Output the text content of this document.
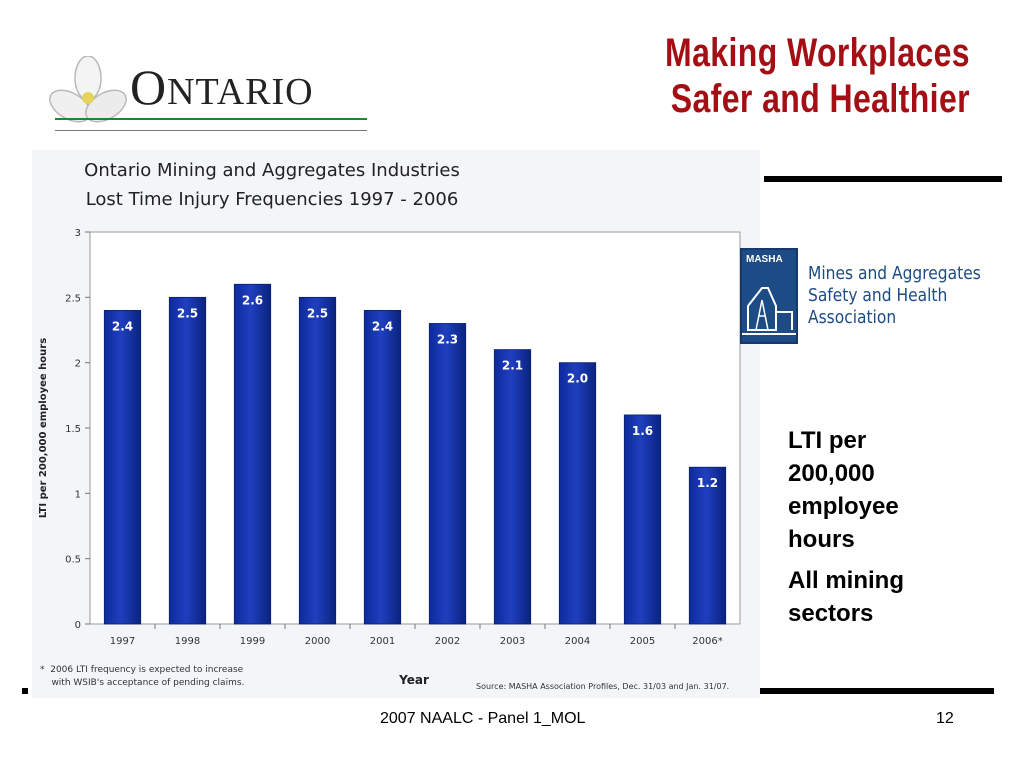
ONTARIO
Making Workplaces
Safer and Healthier
Ontario Mining and Aggregates Industries
Lost Time Injury Frequencies 1997 - 2006
0
0.5
1
1.5
2
2.5
3
2.4
2.5
2.6
2.5
2.4
2.3
2.1
2.0
1.6
1.2
1997	1998	1999	2000	2001	2002	2003	2004	2005	2006*
LTI per 200,000 employee hours
Year
*  2006 LTI frequency is expected to increase
with WSIB's acceptance of pending claims.	Source: MASHA Association Profiles, Dec. 31/03 and Jan. 31/07.
MASHA
Mines and Aggregates
Safety and Health
Association
LTI per
200,000
employee
hours
All mining
sectors
2007 NAALC - Panel 1_MOL	12
